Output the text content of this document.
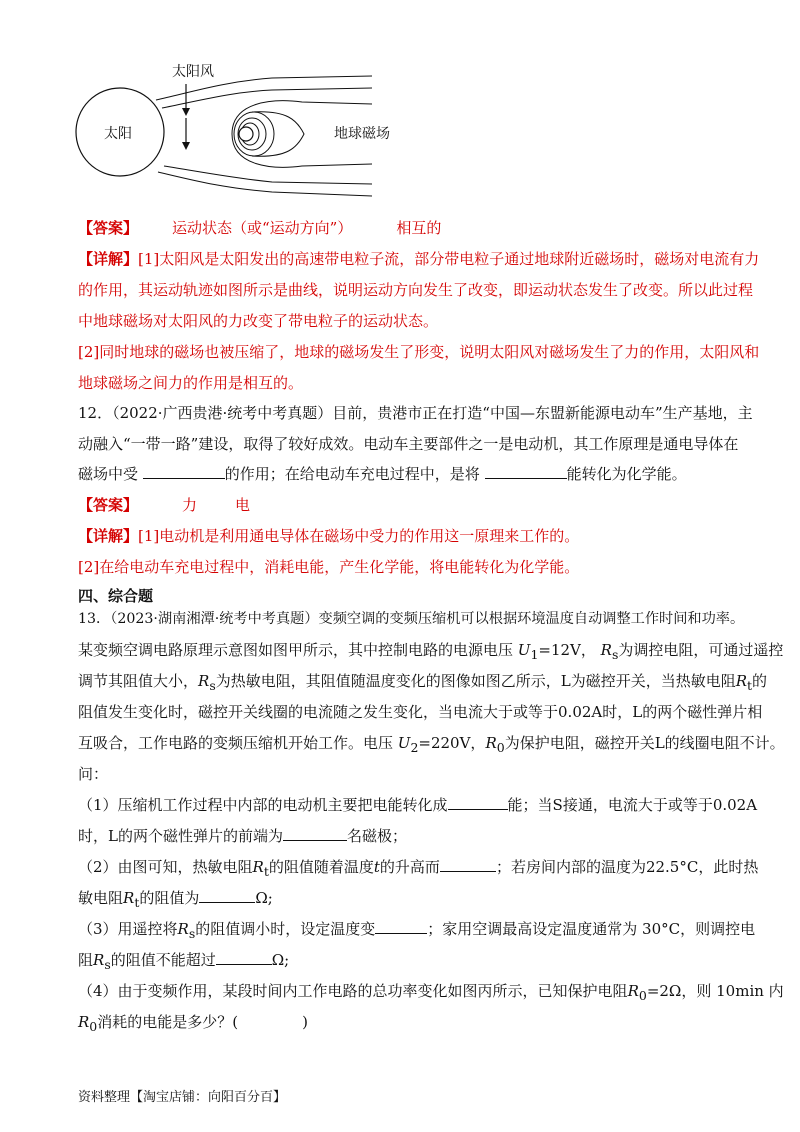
太阳
太阳风
地球磁场
【答案】 运动状态（或“运动方向”）	相互的
【详解】[1]太阳风是太阳发出的高速带电粒子流，部分带电粒子通过地球附近磁场时，磁场对电流有力
的作用，其运动轨迹如图所示是曲线，说明运动方向发生了改变，即运动状态发生了改变。所以此过程
中地球磁场对太阳风的力改变了带电粒子的运动状态。
[2]同时地球的磁场也被压缩了，地球的磁场发生了形变，说明太阳风对磁场发生了力的作用，太阳风和
地球磁场之间力的作用是相互的。
12．（2022·广西贵港·统考中考真题）目前，贵港市正在打造“中国—东盟新能源电动车”生产基地，主
动融入“一带一路”建设，取得了较好成效。电动车主要部件之一是电动机，其工作原理是通电导体在
磁场中受	的作用；在给电动车充电过程中，是将	能转化为化学能。
【答案】	力	电
【详解】[1]电动机是利用通电导体在磁场中受力的作用这一原理来工作的。
[2]在给电动车充电过程中，消耗电能，产生化学能，将电能转化为化学能。
四、综合题
13．（2023·湖南湘潭·统考中考真题）变频空调的变频压缩机可以根据环境温度自动调整工作时间和功率。
某变频空调电路原理示意图如图甲所示，其中控制电路的电源电压 $U_1=12V$， $R_s$为调控电阻，可通过遥控
调节其阻值大小，$R_s$为热敏电阻，其阻值随温度变化的图像如图乙所示，L为磁控开关，当热敏电阻$R_t$的
阻值发生变化时，磁控开关线圈的电流随之发生变化，当电流大于或等于0.02A时，L的两个磁性弹片相
互吸合，工作电路的变频压缩机开始工作。电压 $U_2=220V$，$R_0$为保护电阻，磁控开关L的线圈电阻不计。
问：
（1）压缩机工作过程中内部的电动机主要把电能转化成	能；当S接通，电流大于或等于0.02A
时，L的两个磁性弹片的前端为	名磁极；
（2）由图可知，热敏电阻$R_t$的阻值随着温度t的升高而	；若房间内部的温度为22.5°C，此时热
敏电阻$R_t$的阻值为	Ω;
（3）用遥控将$R_s$的阻值调小时，设定温度变	；家用空调最高设定温度通常为 30°C，则调控电
阻$R_s$的阻值不能超过	Ω;
（4）由于变频作用，某段时间内工作电路的总功率变化如图丙所示，已知保护电阻$R_0=2\Omega$，则 10min 内
$R_0$消耗的电能是多少？(	)
资料整理【淘宝店铺：向阳百分百】
